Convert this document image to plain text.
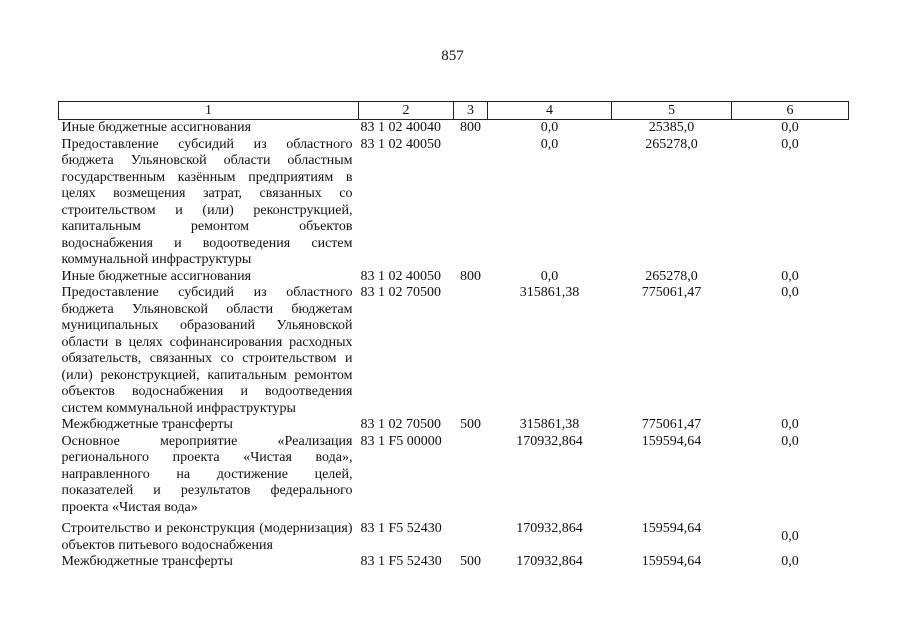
857
1	2	3	4	5	6
Иные бюджетные ассигнования	83 1 02 40040	800	0,0	25385,0	0,0
Предоставление субсидий из областного бюджета Ульяновской области областным государственным казённым предприятиям в целях возмещения затрат, связанных со строительством и (или) реконструкцией, капитальным ремонтом объектов водоснабжения и водоотведения систем коммунальной инфраструктуры	83 1 02 40050		0,0	265278,0	0,0
Иные бюджетные ассигнования	83 1 02 40050	800	0,0	265278,0	0,0
Предоставление субсидий из областного бюджета Ульяновской области бюджетам муниципальных образований Ульяновской области в целях софинансирования расходных обязательств, связанных со строительством и (или) реконструкцией, капитальным ремонтом объектов водоснабжения и водоотведения систем коммунальной инфраструктуры	83 1 02 70500		315861,38	775061,47	0,0
Межбюджетные трансферты	83 1 02 70500	500	315861,38	775061,47	0,0
Основное мероприятие «Реализация регионального проекта «Чистая вода», направленного на достижение целей, показателей и результатов федерального проекта «Чистая вода»	83 1 F5 00000		170932,864	159594,64	0,0
Строительство и реконструкция (модернизация) объектов питьевого водоснабжения	83 1 F5 52430		170932,864	159594,64	0,0
Межбюджетные трансферты	83 1 F5 52430	500	170932,864	159594,64	0,0
